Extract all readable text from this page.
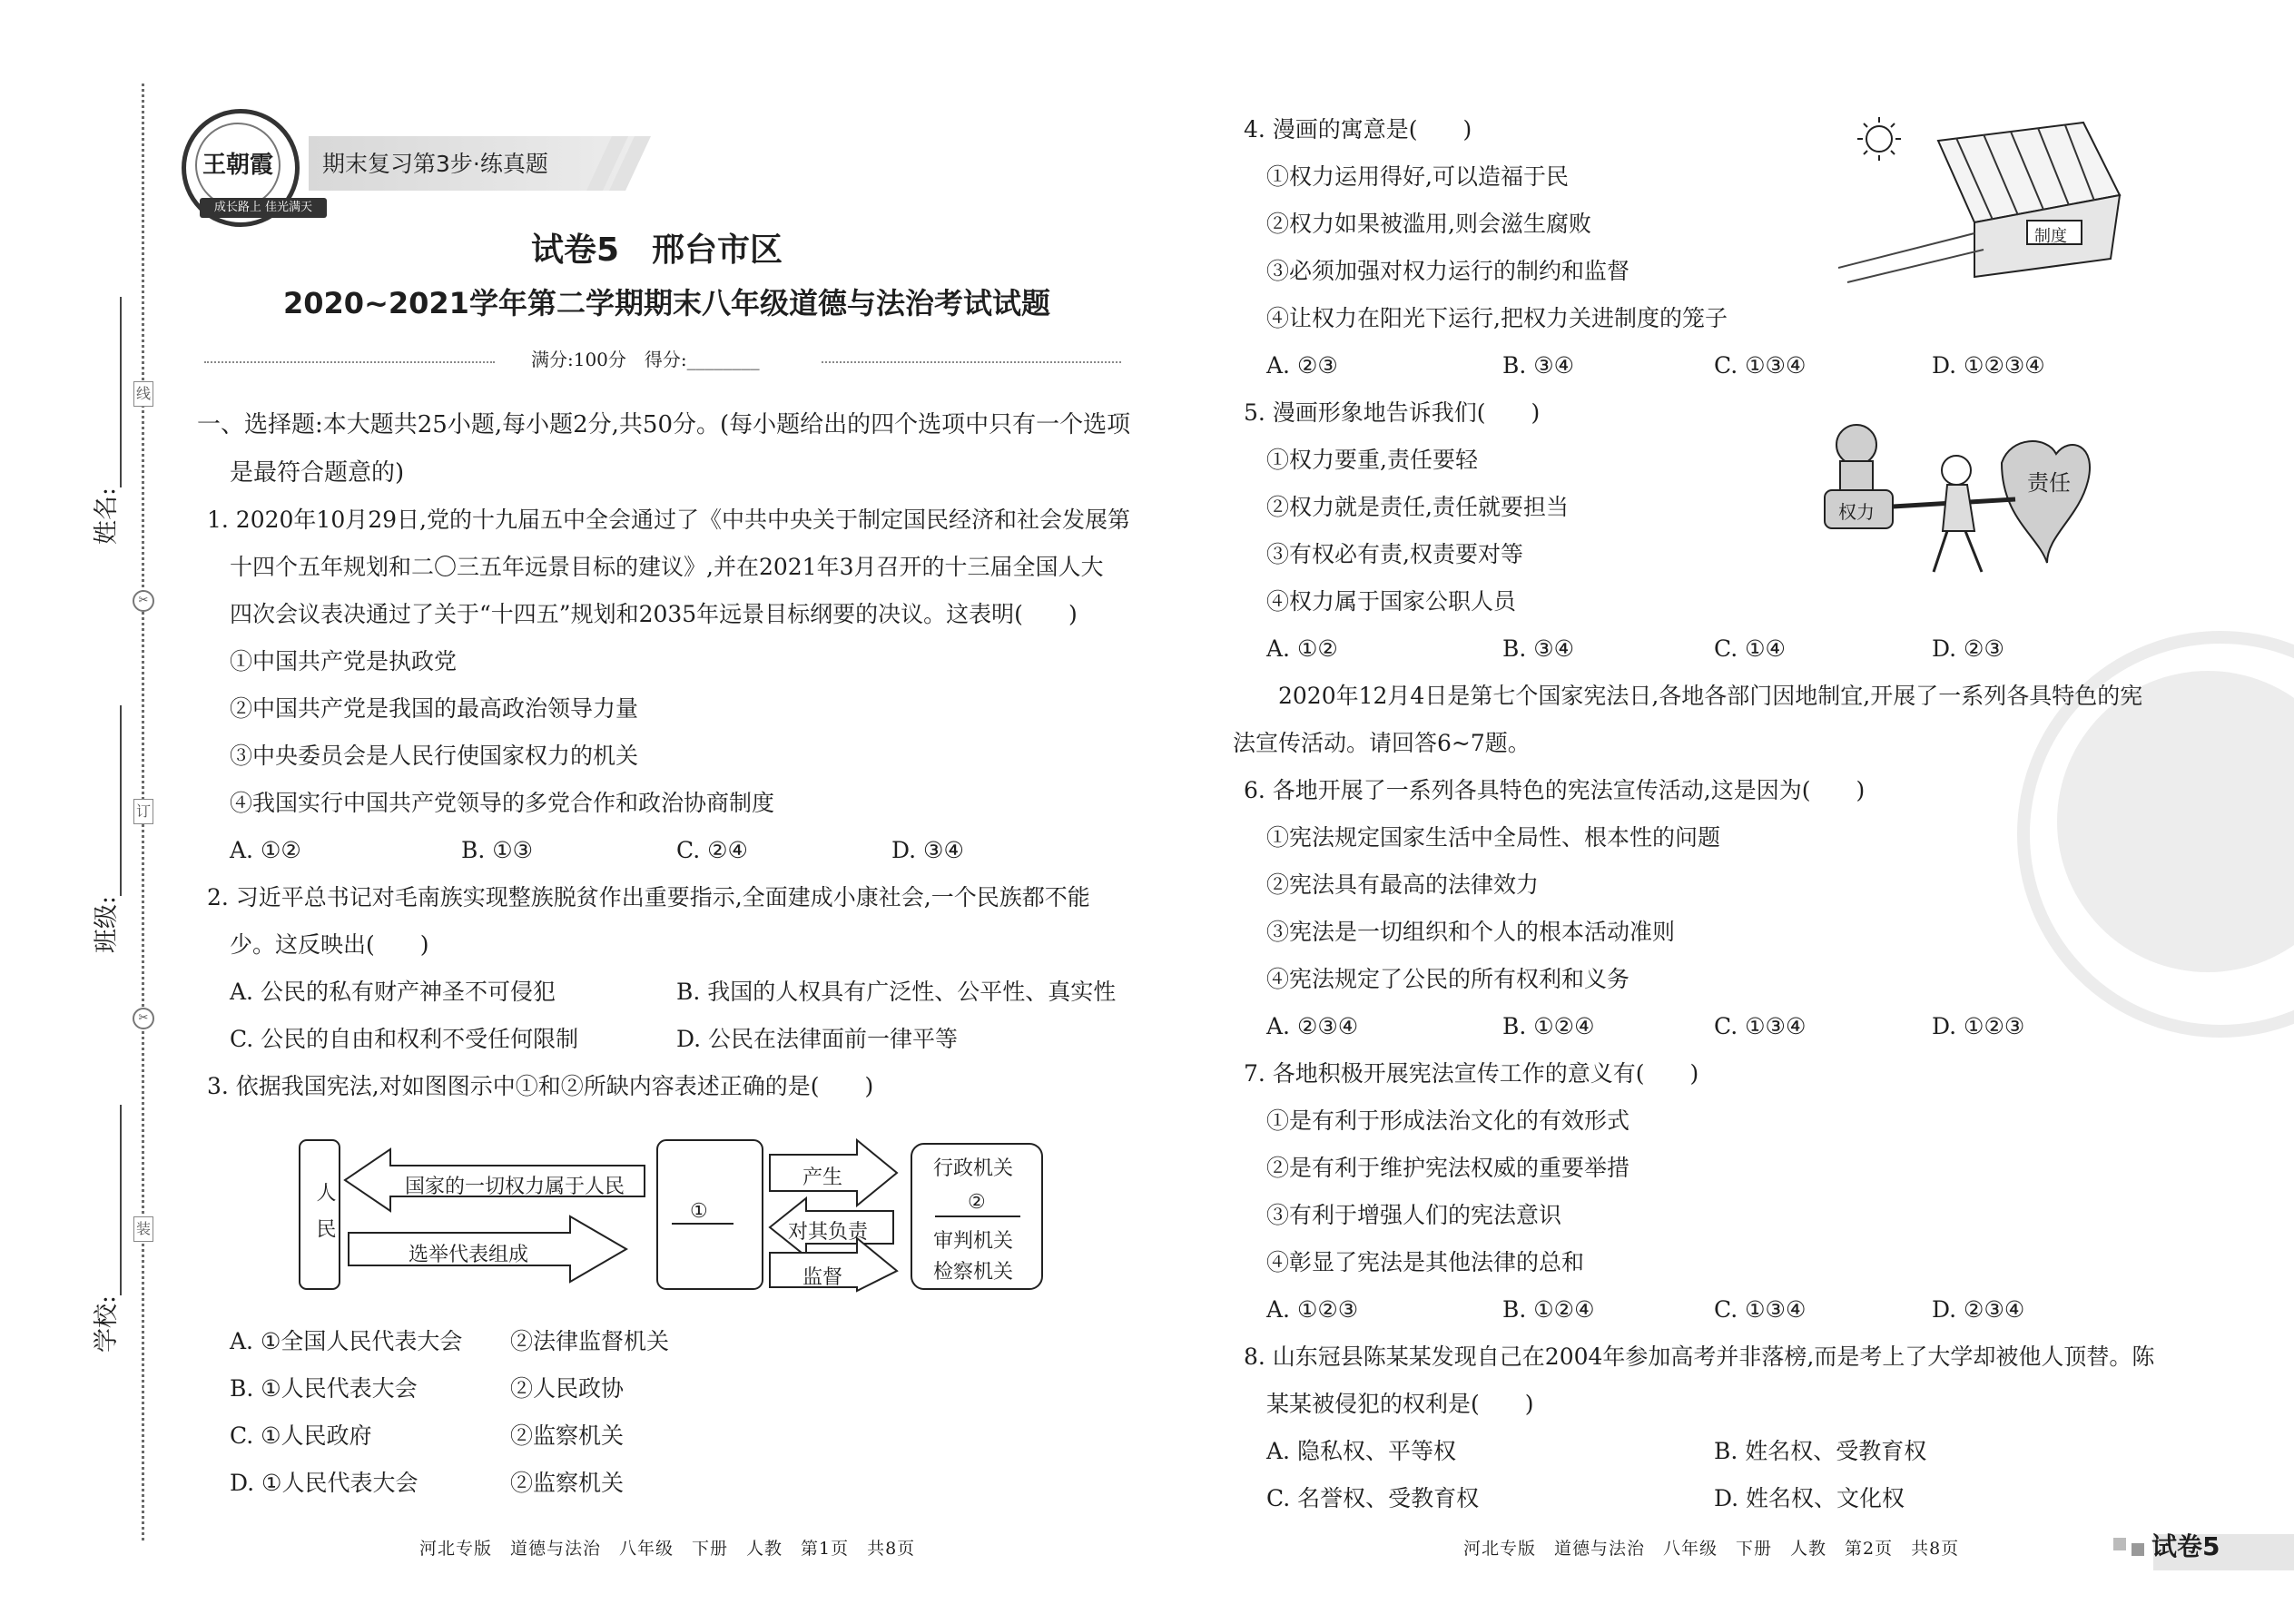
线
订
装
✂
✂
姓名:
班级:
学校:
期末复习第3步·练真题
王朝霞
成长路上 佳光满天
试卷5　邢台市区
2020~2021学年第二学期期末八年级道德与法治考试试题
满分:100分　得分:________
一、选择题:本大题共25小题,每小题2分,共50分。(每小题给出的四个选项中只有一个选项
是最符合题意的)
1. 2020年10月29日,党的十九届五中全会通过了《中共中央关于制定国民经济和社会发展第
十四个五年规划和二〇三五年远景目标的建议》,并在2021年3月召开的十三届全国人大
四次会议表决通过了关于“十四五”规划和2035年远景目标纲要的决议。这表明(　　)
①中国共产党是执政党
②中国共产党是我国的最高政治领导力量
③中央委员会是人民行使国家权力的机关
④我国实行中国共产党领导的多党合作和政治协商制度
A. ①②	B. ①③	C. ②④	D. ③④
2. 习近平总书记对毛南族实现整族脱贫作出重要指示,全面建成小康社会,一个民族都不能
少。这反映出(　　)
A. 公民的私有财产神圣不可侵犯	B. 我国的人权具有广泛性、公平性、真实性
C. 公民的自由和权利不受任何限制	D. 公民在法律面前一律平等
3. 依据我国宪法,对如图图示中①和②所缺内容表述正确的是(　　)
人民	国家的一切权力属于人民
选举代表组成
①
产生
对其负责
监督
行政机关
②
审判机关
检察机关
A. ①全国人民代表大会 ②法律监督机关
B. ①人民代表大会	②人民政协
C. ①人民政府	②监察机关
D. ①人民代表大会	②监察机关
河北专版　道德与法治　八年级　下册　人教　第1页　共8页
4. 漫画的寓意是(　　)
①权力运用得好,可以造福于民
②权力如果被滥用,则会滋生腐败
③必须加强对权力运行的制约和监督
④让权力在阳光下运行,把权力关进制度的笼子
A. ②③	B. ③④	C. ①③④	D. ①②③④
制度
5. 漫画形象地告诉我们(　　)
①权力要重,责任要轻
②权力就是责任,责任就要担当
③有权必有责,权责要对等
④权力属于国家公职人员
A. ①②	B. ③④	C. ①④	D. ②③
权力
责任
2020年12月4日是第七个国家宪法日,各地各部门因地制宜,开展了一系列各具特色的宪
法宣传活动。请回答6~7题。
6. 各地开展了一系列各具特色的宪法宣传活动,这是因为(　　)
①宪法规定国家生活中全局性、根本性的问题
②宪法具有最高的法律效力
③宪法是一切组织和个人的根本活动准则
④宪法规定了公民的所有权利和义务
A. ②③④	B. ①②④	C. ①③④	D. ①②③
7. 各地积极开展宪法宣传工作的意义有(　　)
①是有利于形成法治文化的有效形式
②是有利于维护宪法权威的重要举措
③有利于增强人们的宪法意识
④彰显了宪法是其他法律的总和
A. ①②③	B. ①②④	C. ①③④	D. ②③④
8. 山东冠县陈某某发现自己在2004年参加高考并非落榜,而是考上了大学却被他人顶替。陈
某某被侵犯的权利是(　　)
A. 隐私权、平等权	B. 姓名权、受教育权
C. 名誉权、受教育权	D. 姓名权、文化权
河北专版　道德与法治　八年级　下册　人教　第2页　共8页	试卷5
